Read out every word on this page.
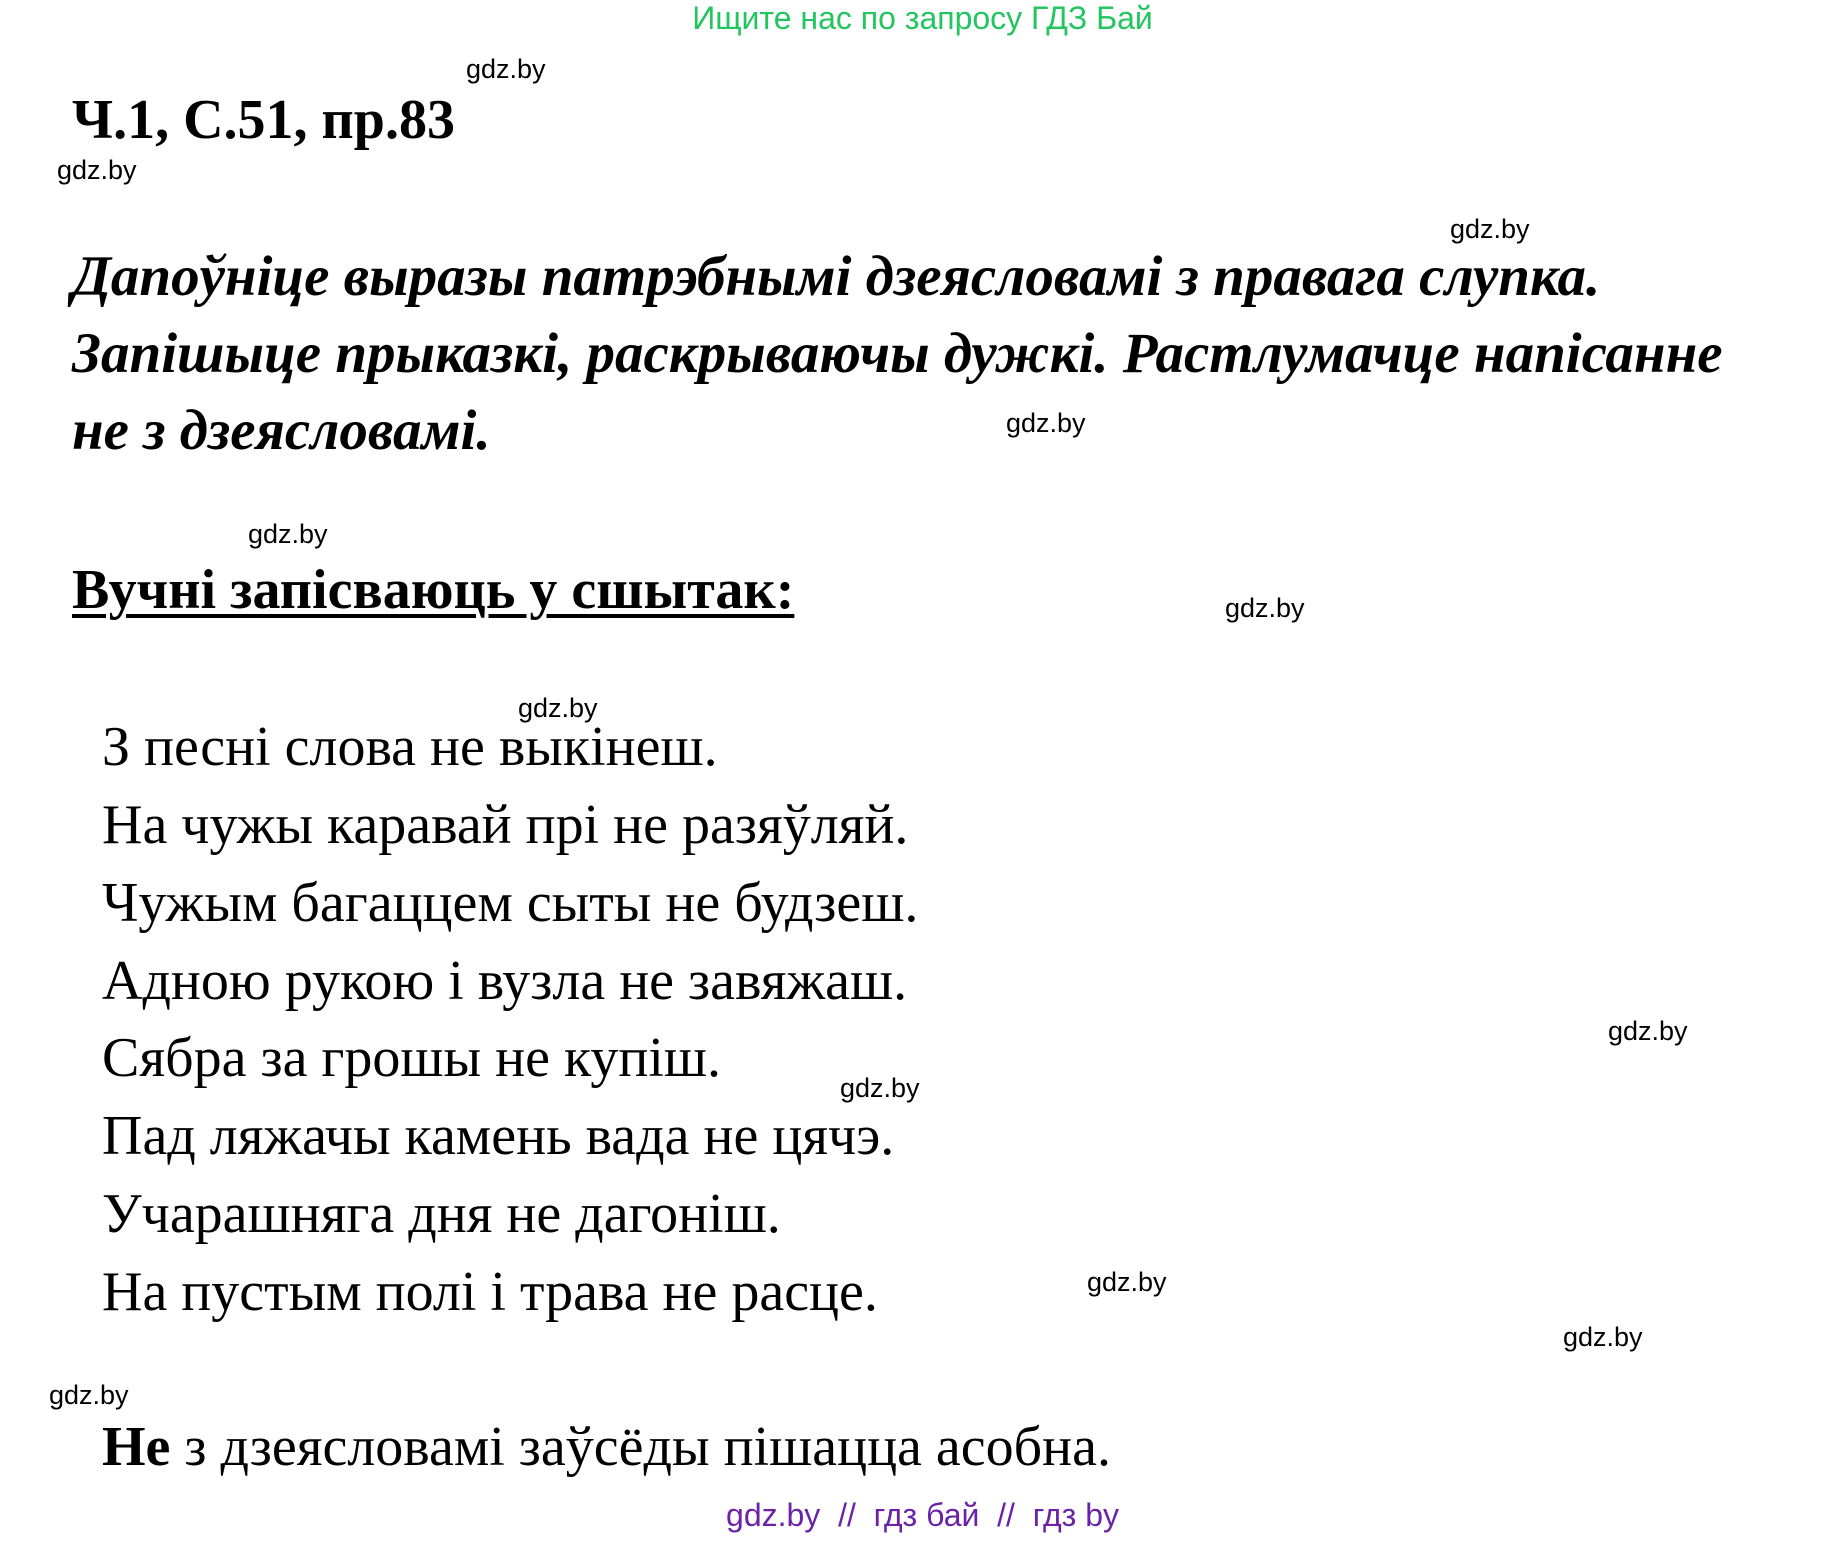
Ищите нас по запросу ГДЗ Бай
gdz.by
gdz.by
gdz.by
gdz.by
gdz.by
gdz.by
gdz.by
gdz.by
gdz.by
gdz.by
gdz.by
gdz.by
Ч.1, С.51, пр.83
Дапоўніце выразы патрэбнымі дзеясловамі з правага слупка.
Запішыце прыказкі, раскрываючы дужкі. Растлумачце напісанне
не з дзеясловамі.
Вучні запісваюць у сшытак:
З песні слова не выкінеш.
На чужы каравай прі не разяўляй.
Чужым багаццем сыты не будзеш.
Адною рукою і вузла не завяжаш.
Сябра за грошы не купіш.
Пад ляжачы камень вада не цячэ.
Учарашняга дня не дагоніш.
На пустым полі і трава не расце.
Не з дзеясловамі заўсёды пішацца асобна.
gdz.by  //  гдз бай  //  гдз by
